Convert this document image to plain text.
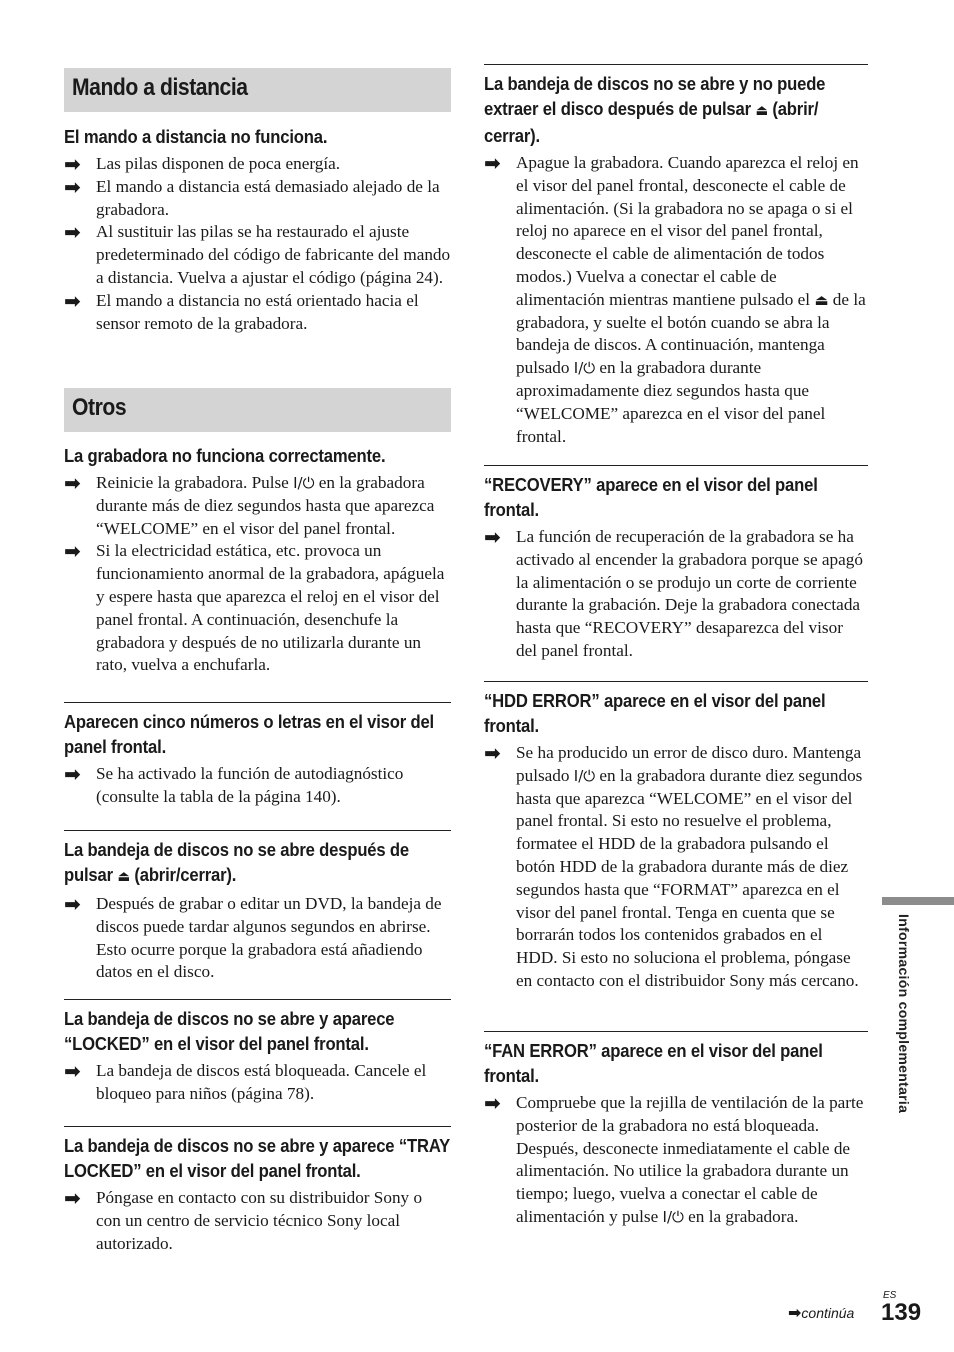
Mando a distancia
El mando a distancia no funciona.

➡ Las pilas disponen de poca energía.

➡ El mando a distancia está demasiado alejado de la grabadora.

➡ Al sustituir las pilas se ha restaurado el ajuste predeterminado del código de fabricante del mando a distancia. Vuelva a ajustar el código (página 24).

➡ El mando a distancia no está orientado hacia el sensor remoto de la grabadora.

Otros
La grabadora no funciona correctamente.

➡ Reinicie la grabadora. Pulse I/⏻ en la grabadora durante más de diez segundos hasta que aparezca “WELCOME” en el visor del panel frontal.

➡ Si la electricidad estática, etc. provoca un funcionamiento anormal de la grabadora, apáguela y espere hasta que aparezca el reloj en el visor del panel frontal. A continuación, desenchufe la grabadora y después de no utilizarla durante un rato, vuelva a enchufarla.

Aparecen cinco números o letras en el visor del panel frontal.

➡ Se ha activado la función de autodiagnóstico (consulte la tabla de la página 140).

La bandeja de discos no se abre después de pulsar ⏏ (abrir/cerrar).

➡ Después de grabar o editar un DVD, la bandeja de discos puede tardar algunos segundos en abrirse. Esto ocurre porque la grabadora está añadiendo datos en el disco.

La bandeja de discos no se abre y aparece “LOCKED” en el visor del panel frontal.

➡ La bandeja de discos está bloqueada. Cancele el bloqueo para niños (página 78).

La bandeja de discos no se abre y aparece “TRAY LOCKED” en el visor del panel frontal.

➡ Póngase en contacto con su distribuidor Sony o con un centro de servicio técnico Sony local autorizado.

La bandeja de discos no se abre y no puede extraer el disco después de pulsar ⏏ (abrir/ cerrar).

➡ Apague la grabadora. Cuando aparezca el reloj en el visor del panel frontal, desconecte el cable de alimentación. (Si la grabadora no se apaga o si el reloj no aparece en el visor del panel frontal, desconecte el cable de alimentación de todos modos.) Vuelva a conectar el cable de alimentación mientras mantiene pulsado el ⏏ de la grabadora, y suelte el botón cuando se abra la bandeja de discos. A continuación, mantenga pulsado I/⏻ en la grabadora durante aproximadamente diez segundos hasta que “WELCOME” aparezca en el visor del panel frontal.

“RECOVERY” aparece en el visor del panel frontal.

➡ La función de recuperación de la grabadora se ha activado al encender la grabadora porque se apagó la alimentación o se produjo un corte de corriente durante la grabación. Deje la grabadora conectada hasta que “RECOVERY” desaparezca del visor del panel frontal.

“HDD ERROR” aparece en el visor del panel frontal.

➡ Se ha producido un error de disco duro. Mantenga pulsado I/⏻ en la grabadora durante diez segundos hasta que aparezca “WELCOME” en el visor del panel frontal. Si esto no resuelve el problema, formatee el HDD de la grabadora pulsando el botón HDD de la grabadora durante más de diez segundos hasta que “FORMAT” aparezca en el visor del panel frontal. Tenga en cuenta que se borrarán todos los contenidos grabados en el HDD. Si esto no soluciona el problema, póngase en contacto con el distribuidor Sony más cercano.

“FAN ERROR” aparece en el visor del panel frontal.

➡ Compruebe que la rejilla de ventilación de la parte posterior de la grabadora no está bloqueada. Después, desconecte inmediatamente el cable de alimentación. No utilice la grabadora durante un tiempo; luego, vuelva a conectar el cable de alimentación y pulse I/⏻ en la grabadora.

Información complementaria
➡continúa
ES
139
